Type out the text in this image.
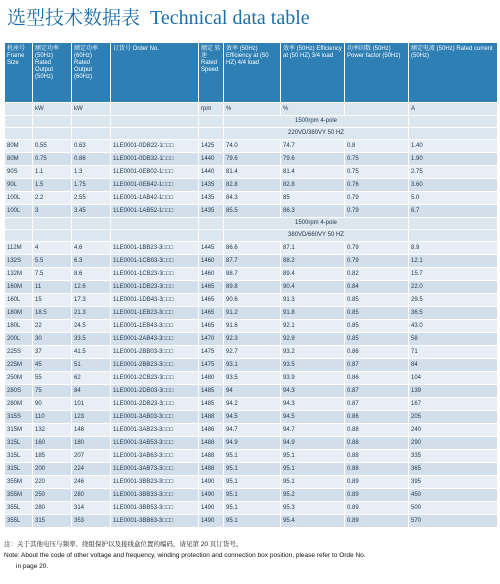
选型技术数据表 Technical data table
机座号 Frame Size	额定功率 (50Hz) Rated Output (50Hz)	额定功率 (60Hz) Rated Output (60Hz)	订货号 Order No.	额定 转速 Rated Speed	效率 (50Hz) Efficiency at (50 HZ) 4/4 load	效率 (50Hz) Efficiency at (50 HZ) 3/4 load	功率因数 (50Hz) Power factor (50Hz)	额定电流 (50Hz) Rated current (50Hz)
	kW	kW		rpm	%	%		A
					1500rpm 4-pole			
					220VD/380VY 50 HZ			
80M	0.55	0.63	1LE0001-0DB22-1□□□	1425	74.0	74.7	0.8	1.40
80M	0.75	0.86	1LE0001-0DB32-1□□□	1440	79.6	79.6	0.75	1.90
90S	1.1	1.3	1LE0001-0EB02-1□□□	1440	81.4	81.4	0.75	2.75
90L	1.5	1.75	1LE0001-0EB42-1□□□	1435	82.8	82.8	0.76	3.60
100L	2.2	2.55	1LE0001-1AB42-1□□□	1435	84.3	85	0.79	5.0
100L	3	3.45	1LE0001-1AB52-1□□□	1435	85.5	86.3	0.79	6.7
					1500rpm 4-pole			
					380VD/660VY 50 HZ			
112M	4	4.6	1LE0001-1BB23-3□□□	1445	86.6	87.1	0.79	8.9
132S	5.5	6.3	1LE0001-1CB03-3□□□	1460	87.7	88.2	0.79	12.1
132M	7.5	8.6	1LE0001-1CB23-3□□□	1460	88.7	89.4	0.82	15.7
160M	11	12.6	1LE0001-1DB23-3□□□	1465	89.8	90.4	0.84	22.0
160L	15	17.3	1LE0001-1DB43-3□□□	1465	90.6	91.3	0.85	29.5
180M	18.5	21.3	1LE0001-1EB23-3□□□	1465	91.2	91.8	0.85	36.5
180L	22	24.5	1LE0001-1EB43-3□□□	1465	91.6	92.1	0.85	43.0
200L	30	33.5	1LE0001-2AB43-3□□□	1470	92.3	92.9	0.85	58
225S	37	41.5	1LE0001-2BB03-3□□□	1475	92.7	93.2	0.86	71
225M	45	51	1LE0001-2BB23-3□□□	1475	93.1	93.5	0.87	84
250M	55	62	1LE0001-2CB23-3□□□	1480	93.5	93.9	0.86	104
280S	75	84	1LE0001-2DB03-3□□□	1485	94	94.3	0.87	139
280M	90	101	1LE0001-2DB23-3□□□	1485	94.2	94.3	0.87	167
315S	110	123	1LE0001-3AB03-3□□□	1488	94.5	94.5	0.86	205
315M	132	148	1LE0001-3AB23-3□□□	1486	94.7	94.7	0.88	240
315L	160	180	1LE0001-3AB53-3□□□	1488	94.9	94.9	0.88	290
315L	185	207	1LE0001-3AB63-3□□□	1488	95.1	95.1	0.88	335
315L	200	224	1LE0001-3AB73-3□□□	1488	95.1	95.1	0.88	365
355M	220	246	1LE0001-3BB23-3□□□	1490	95.1	95.1	0.89	395
355M	250	280	1LE0001-3BB33-3□□□	1490	95.1	95.2	0.89	450
355L	280	314	1LE0001-3BB53-3□□□	1490	95.1	95.3	0.89	500
355L	315	353	1LE0001-3BB63-3□□□	1490	95.1	95.4	0.89	570
注：关于其他电压与频率、绕组保护以及接线盒位置的编码，请见第 20 页订货号。
Note: About the code of other voltage and frequency, winding protection and connection box position, please refer to Orde No.
in page 20.
